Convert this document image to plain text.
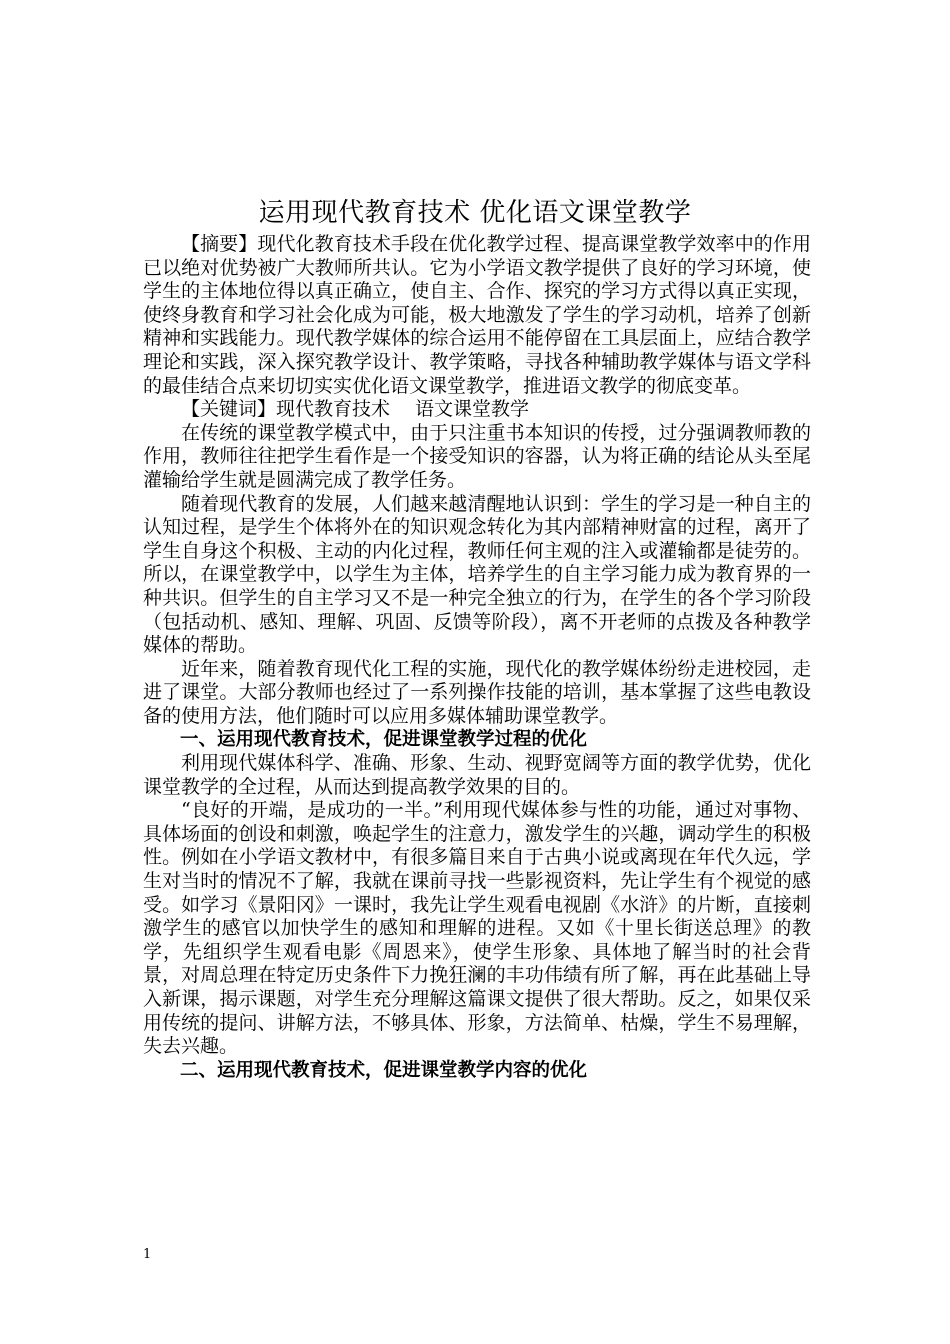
运用现代教育技术 优化语文课堂教学

【摘要】现代化教育技术手段在优化教学过程、提高课堂教学效率中的作用已以绝对优势被广大教师所共认。它为小学语文教学提供了良好的学习环境，使学生的主体地位得以真正确立，使自主、合作、探究的学习方式得以真正实现，使终身教育和学习社会化成为可能，极大地激发了学生的学习动机，培养了创新精神和实践能力。现代教学媒体的综合运用不能停留在工具层面上，应结合教学理论和实践，深入探究教学设计、教学策略，寻找各种辅助教学媒体与语文学科的最佳结合点来切切实实优化语文课堂教学，推进语文教学的彻底变革。

【关键词】现代教育技术　 语文课堂教学

在传统的课堂教学模式中，由于只注重书本知识的传授，过分强调教师教的作用，教师往往把学生看作是一个接受知识的容器，认为将正确的结论从头至尾灌输给学生就是圆满完成了教学任务。

随着现代教育的发展，人们越来越清醒地认识到：学生的学习是一种自主的认知过程，是学生个体将外在的知识观念转化为其内部精神财富的过程，离开了学生自身这个积极、主动的内化过程，教师任何主观的注入或灌输都是徒劳的。所以，在课堂教学中，以学生为主体，培养学生的自主学习能力成为教育界的一种共识。但学生的自主学习又不是一种完全独立的行为，在学生的各个学习阶段（包括动机、感知、理解、巩固、反馈等阶段），离不开老师的点拨及各种教学媒体的帮助。

近年来，随着教育现代化工程的实施，现代化的教学媒体纷纷走进校园，走进了课堂。大部分教师也经过了一系列操作技能的培训，基本掌握了这些电教设备的使用方法，他们随时可以应用多媒体辅助课堂教学。

一、运用现代教育技术，促进课堂教学过程的优化

利用现代媒体科学、准确、形象、生动、视野宽阔等方面的教学优势，优化课堂教学的全过程，从而达到提高教学效果的目的。

“良好的开端，是成功的一半。”利用现代媒体参与性的功能，通过对事物、具体场面的创设和刺激，唤起学生的注意力，激发学生的兴趣，调动学生的积极性。例如在小学语文教材中，有很多篇目来自于古典小说或离现在年代久远，学生对当时的情况不了解，我就在课前寻找一些影视资料，先让学生有个视觉的感受。如学习《景阳冈》一课时，我先让学生观看电视剧《水浒》的片断，直接刺激学生的感官以加快学生的感知和理解的进程。又如《十里长街送总理》的教学，先组织学生观看电影《周恩来》，使学生形象、具体地了解当时的社会背景，对周总理在特定历史条件下力挽狂澜的丰功伟绩有所了解，再在此基础上导入新课，揭示课题，对学生充分理解这篇课文提供了很大帮助。反之，如果仅采用传统的提问、讲解方法，不够具体、形象，方法简单、枯燥，学生不易理解，失去兴趣。

二、运用现代教育技术，促进课堂教学内容的优化

1
